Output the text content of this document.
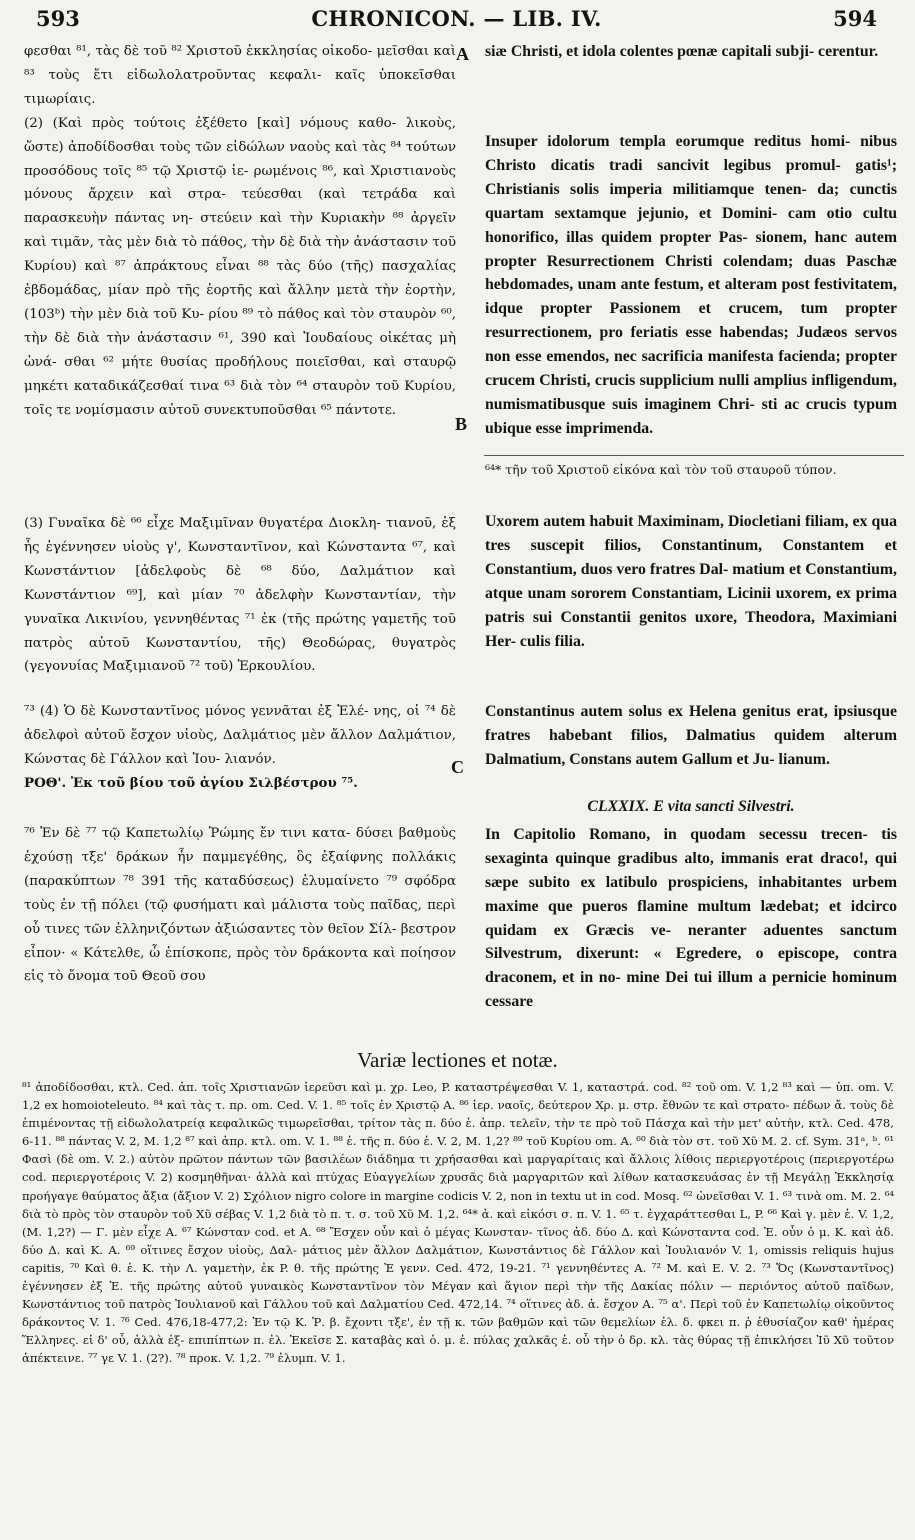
593	CHRONICON. — LIB. IV.	594

φεσθαι ⁸¹, τὰς δὲ τοῦ ⁸² Χριστοῦ ἐκκλησίας οἰκοδο- μεῖσθαι καὶ ⁸³ τοὺς ἔτι εἰδωλολατροῦντας κεφαλι- καῖς ὑποκεῖσθαι τιμωρίαις.

(2) (Καὶ πρὸς τούτοις ἐξέθετο [καὶ] νόμους καθο- λικοὺς, ὥστε) ἀποδίδοσθαι τοὺς τῶν εἰδώλων ναοὺς καὶ τὰς ⁸⁴ τούτων προσόδους τοῖς ⁸⁵ τῷ Χριστῷ ἱε- ρωμένοις ⁸⁶, καὶ Χριστιανοὺς μόνους ἄρχειν καὶ στρα- τεύεσθαι (καὶ τετράδα καὶ παρασκευὴν πάντας νη- στεύειν καὶ τὴν Κυριακὴν ⁸⁸ ἀργεῖν καὶ τιμᾶν, τὰς μὲν διὰ τὸ πάθος, τὴν δὲ διὰ τὴν ἀνάστασιν τοῦ Κυρίου) καὶ ⁸⁷ ἀπράκτους εἶναι ⁸⁸ τὰς δύο (τῆς) πασχαλίας ἑβδομάδας, μίαν πρὸ τῆς ἑορτῆς καὶ ἄλλην μετὰ τὴν ἑορτὴν, (103ᵇ) τὴν μὲν διὰ τοῦ Κυ- ρίου ⁸⁹ τὸ πάθος καὶ τὸν σταυρὸν ⁶⁰, τὴν δὲ διὰ τὴν ἀνάστασιν ⁶¹, 390 καὶ Ἰουδαίους οἰκέτας μὴ ὠνά- σθαι ⁶² μήτε θυσίας προδήλους ποιεῖσθαι, καὶ σταυρῷ μηκέτι καταδικάζεσθαί τινα ⁶³ διὰ τὸν ⁶⁴ σταυρὸν τοῦ Κυρίου, τοῖς τε νομίσμασιν αὐτοῦ συνεκτυποῦσθαι ⁶⁵ πάντοτε.

(3) Γυναῖκα δὲ ⁶⁶ εἶχε Μαξιμῖναν θυγατέρα Διοκλη- τιανοῦ, ἐξ ἧς ἐγέννησεν υἱοὺς γ', Κωνσταντῖνον, καὶ Κώνσταντα ⁶⁷, καὶ Κωνστάντιον [ἀδελφοὺς δὲ ⁶⁸ δύο, Δαλμάτιον καὶ Κωνστάντιον ⁶⁹], καὶ μίαν ⁷⁰ ἀδελφὴν Κωνσταντίαν, τὴν γυναῖκα Λικινίου, γεννηθέντας ⁷¹ ἐκ (τῆς πρώτης γαμετῆς τοῦ πατρὸς αὐτοῦ Κωνσταντίου, τῆς) Θεοδώρας, θυγατρὸς (γεγονυίας Μαξιμιανοῦ ⁷² τοῦ) Ἑρκουλίου.

⁷³ (4) Ὁ δὲ Κωνσταντῖνος μόνος γεννᾶται ἐξ Ἑλέ- νης, οἱ ⁷⁴ δὲ ἀδελφοὶ αὐτοῦ ἔσχον υἱοὺς, Δαλμάτιος μὲν ἄλλον Δαλμάτιον, Κώνστας δὲ Γάλλον καὶ Ἰου- λιανόν.

ΡΟΘ'. Ἐκ τοῦ βίου τοῦ ἁγίου Σιλβέστρου ⁷⁵.

⁷⁶ Ἐν δὲ ⁷⁷ τῷ Καπετωλίῳ Ῥώμης ἔν τινι κατα- δύσει βαθμοὺς ἐχούσῃ τξε' δράκων ἦν παμμεγέθης, ὃς ἐξαίφνης πολλάκις (παρακύπτων ⁷⁸ 391 τῆς καταδύσεως) ἐλυμαίνετο ⁷⁹ σφόδρα τοὺς ἐν τῇ πόλει (τῷ φυσήματι καὶ μάλιστα τοὺς παῖδας, περὶ οὗ τινες τῶν ἑλληνιζόντων ἀξιώσαντες τὸν θεῖον Σίλ- βεστρον εἶπον· « Κάτελθε, ὦ ἐπίσκοπε, πρὸς τὸν δράκοντα καὶ ποίησον εἰς τὸ ὄνομα τοῦ Θεοῦ σου

siæ Christi, et idola colentes pœnæ capitali subji- cerentur.

Insuper idolorum templa eorumque reditus homi- nibus Christo dicatis tradi sancivit legibus promul- gatis¹; Christianis solis imperia militiamque tenen- da; cunctis quartam sextamque jejunio, et Domini- cam otio cultu honorifico, illas quidem propter Pas- sionem, hanc autem propter Resurrectionem Christi colendam; duas Paschæ hebdomades, unam ante festum, et alteram post festivitatem, idque propter Passionem et crucem, tum propter resurrectionem, pro feriatis esse habendas; Judæos servos non esse emendos, nec sacrificia manifesta facienda; propter crucem Christi, crucis supplicium nulli amplius infligendum, numismatibusque suis imaginem Chri- sti ac crucis typum ubique esse imprimenda.

⁶⁴* τῆν τοῦ Χριστοῦ εἰκόνα καὶ τὸν τοῦ σταυροῦ τύπον.

Uxorem autem habuit Maximinam, Diocletiani filiam, ex qua tres suscepit filios, Constantinum, Constantem et Constantium, duos vero fratres Dal- matium et Constantium, atque unam sororem Constantiam, Licinii uxorem, ex prima patris sui Constantii genitos uxore, Theodora, Maximiani Her- culis filia.

Constantinus autem solus ex Helena genitus erat, ipsiusque fratres habebant filios, Dalmatius quidem alterum Dalmatium, Constans autem Gallum et Ju- lianum.

CLXXIX. E vita sancti Silvestri.

In Capitolio Romano, in quodam secessu trecen- tis sexaginta quinque gradibus alto, immanis erat draco!, qui sæpe subito ex latibulo prospiciens, inhabitantes urbem maxime que pueros flamine multum lædebat; et idcirco quidam ex Græcis ve- neranter aduentes sanctum Silvestrum, dixerunt: « Egredere, o episcope, contra draconem, et in no- mine Dei tui illum a pernicie hominum cessare

A
B
C
Variæ lectiones et notæ.

⁸¹ ἀποδίδοσθαι, κτλ. Ced. ἀπ. τοῖς Χριστιανῶν ἱερεῦσι καὶ μ. χρ. Leo, P. καταστρέψεσθαι V. 1, καταστρά. cod. ⁸² τοῦ om. V. 1,2 ⁸³ καὶ — ὑπ. om. V. 1,2 ex homoioteleuto. ⁸⁴ καὶ τὰς τ. πρ. om. Ced. V. 1. ⁸⁵ τοῖς ἐν Χριστῷ A. ⁸⁶ ἱερ. ναοῖς, δεύτερον Χρ. μ. στρ. ἔθνῶν τε καὶ στρατο- πέδων ἄ. τοὺς δὲ ἐπιμένοντας τῇ εἰδωλολατρείᾳ κεφαλικῶς τιμωρεῖσθαι, τρίτον τὰς π. δύο ἑ. ἀπρ. τελεῖν, τὴν τε πρὸ τοῦ Πάσχα καὶ τὴν μετ' αὐτὴν, κτλ. Ced. 478, 6-11. ⁸⁸ πάντας V. 2, M. 1,2 ⁸⁷ καὶ ἀπρ. κτλ. om. V. 1. ⁸⁸ ἑ. τῆς π. δύο ἑ. V. 2, M. 1,2? ⁸⁹ τοῦ Κυρίου om. A. ⁶⁰ διὰ τὸν στ. τοῦ Χῦ M. 2. cf. Sym. 31ᵃ, ᵇ. ⁶¹ Φασὶ (δὲ om. V. 2.) αὐτὸν πρῶτον πάντων τῶν βασιλέων διάδημα τι χρήσασθαι καὶ μαργαρίταις καὶ ἄλλοις λίθοις περιεργοτέροις (περιεργοτέρω cod. περιεργοτέροις V. 2) κοσμηθῆναι· ἀλλὰ καὶ πτύχας Εὐαγγελίων χρυσᾶς διὰ μαργαριτῶν καὶ λίθων κατασκευάσας ἐν τῇ Μεγάλῃ Ἐκκλησίᾳ προήγαγε θαύματος ἄξια (ἄξιον V. 2) Σχόλιον nigro colore in margine codicis V. 2, non in textu ut in cod. Mosq. ⁶² ὠνεῖσθαι V. 1. ⁶³ τινὰ om. M. 2. ⁶⁴ διὰ τὸ πρὸς τὸν σταυρὸν τοῦ Χῦ σέβας V. 1,2 διὰ τὸ π. τ. σ. τοῦ Χῦ M. 1,2. ⁶⁴* ἀ. καὶ εἰκόσι σ. π. V. 1. ⁶⁵ τ. ἐγχαράττεσθαι L, P. ⁶⁶ Καὶ γ. μὲν ἑ. V. 1,2, (M. 1,2?) — Γ. μὲν εἶχε A. ⁶⁷ Κώνσταν cod. et A. ⁶⁸ Ἔσχεν οὖν καὶ ὁ μέγας Κωνσταν- τῖνος ἀδ. δύο Δ. καὶ Κώνσταντα cod. Ἐ. οὖν ὁ μ. Κ. καὶ ἀδ. δύο Δ. καὶ Κ. A. ⁶⁹ οἵτινες ἔσχον υἱοὺς, Δαλ- μάτιος μὲν ἄλλον Δαλμάτιον, Κωνστάντιος δὲ Γάλλον καὶ Ἰουλιανόν V. 1, omissis reliquis hujus capitis, ⁷⁰ Καὶ θ. ἑ. Κ. τὴν Λ. γαμετὴν, ἐκ P. θ. τῆς πρώτης Ἐ γενν. Ced. 472, 19-21. ⁷¹ γεννηθέντες A. ⁷² M. καὶ E. V. 2. ⁷³ Ὅς (Κωνσταντῖνος) ἐγέννησεν ἐξ Ἑ. τῆς πρώτης αὐτοῦ γυναικὸς Κωνσταντῖνον τὸν Μέγαν καὶ ἅγιον περὶ τὴν τῆς Δακίας πόλιν — περιόντος αὐτοῦ παῖδων, Κωνστάντιος τοῦ πατρὸς Ἰουλιανοῦ καὶ Γάλλου τοῦ καὶ Δαλματίου Ced. 472,14. ⁷⁴ οἵτινες ἀδ. ἀ. ἔσχον A. ⁷⁵ α'. Περὶ τοῦ ἐν Καπετωλίῳ οἰκοῦντος δράκοντος V. 1. ⁷⁶ Ced. 476,18-477,2: Ἐν τῷ Κ. Ῥ. β. ἔχοντι τξε', ἐν τῇ κ. τῶν βαθμῶν καὶ τῶν θεμελίων ἐλ. δ. φκει π. ῥ ἐθυσίαζον καθ' ἡμέρας Ἕλληνες. εἰ δ' οὖ, ἀλλὰ ἐξ- επιπίπτων π. ἐλ. Ἐκεῖσε Σ. καταβὰς καὶ ὁ. μ. ἑ. πύλας χαλκᾶς ἑ. οὗ τὴν ὁ δρ. κλ. τὰς θύρας τῇ ἐπικλήσει Ἰῦ Χῦ τοῦτον ἀπέκτεινε. ⁷⁷ γε V. 1. (2?). ⁷⁸ προκ. V. 1,2. ⁷⁹ ἐλυμπ. V. 1.
